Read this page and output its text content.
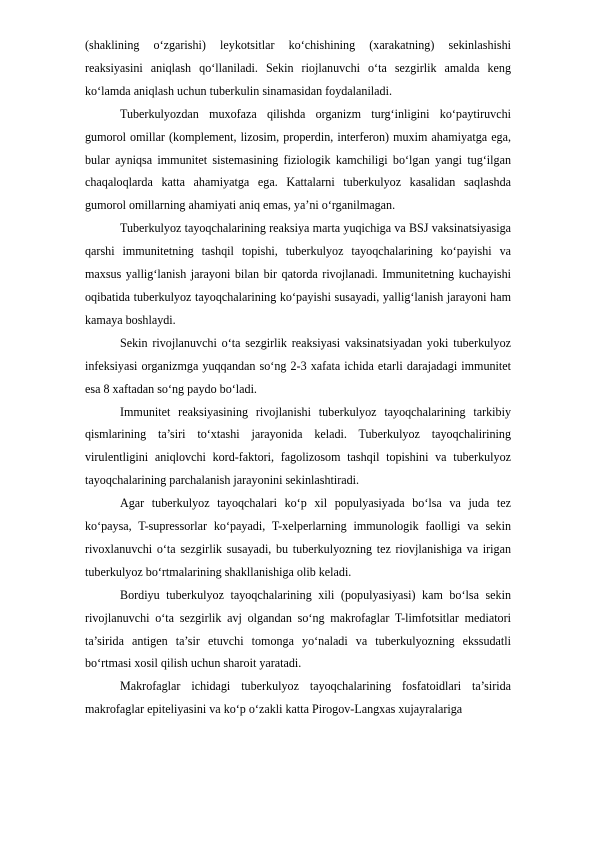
(shaklining o‘zgarishi) leykotsitlar ko‘chishining (xarakatning) sekinlashishi reaksiyasini aniqlash qo‘llaniladi. Sekin riojlanuvchi o‘ta sezgirlik amalda keng ko‘lamda aniqlash uchun tuberkulin sinamasidan foydalaniladi.

Tuberkulyozdan muxofaza qilishda organizm turg‘inligini ko‘paytiruvchi gumorol omillar (komplement, lizosim, properdin, interferon) muxim ahamiyatga ega, bular ayniqsa immunitet sistemasining fiziologik kamchiligi bo‘lgan yangi tug‘ilgan chaqaloqlarda katta ahamiyatga ega. Kattalarni tuberkulyoz kasalidan saqlashda gumorol omillarning ahamiyati aniq emas, ya’ni o‘rganilmagan.

Tuberkulyoz tayoqchalarining reaksiya marta yuqichiga va BSJ vaksinatsiyasiga qarshi immunitetning tashqil topishi, tuberkulyoz tayoqchalarining ko‘payishi va maxsus yallig‘lanish jarayoni bilan bir qatorda rivojlanadi. Immunitetning kuchayishi oqibatida tuberkulyoz tayoqchalarining ko‘payishi susayadi, yallig‘lanish jarayoni ham kamaya boshlaydi.

Sekin rivojlanuvchi o‘ta sezgirlik reaksiyasi vaksinatsiyadan yoki tuberkulyoz infeksiyasi organizmga yuqqandan so‘ng 2-3 xafata ichida etarli darajadagi immunitet esa 8 xaftadan so‘ng paydo bo‘ladi.

Immunitet reaksiyasining rivojlanishi tuberkulyoz tayoqchalarining tarkibiy qismlarining ta’siri to‘xtashi jarayonida keladi. Tuberkulyoz tayoqchalirining virulentligini aniqlovchi kord-faktori, fagolizosom tashqil topishini va tuberkulyoz tayoqchalarining parchalanish jarayonini sekinlashtiradi.

Agar tuberkulyoz tayoqchalari ko‘p xil populyasiyada bo‘lsa va juda tez ko‘paysa, T-supressorlar ko‘payadi, T-xelperlarning immunologik faolligi va sekin rivoxlanuvchi o‘ta sezgirlik susayadi, bu tuberkulyozning tez riovjlanishiga va irigan tuberkulyoz bo‘rtmalarining shakllanishiga olib keladi.

Bordiyu tuberkulyoz tayoqchalarining xili (populyasiyasi) kam bo‘lsa sekin rivojlanuvchi o‘ta sezgirlik avj olgandan so‘ng makrofaglar T-limfotsitlar mediatori ta’sirida antigen ta’sir etuvchi tomonga yo‘naladi va tuberkulyozning ekssudatli bo‘rtmasi xosil qilish uchun sharoit yaratadi.

Makrofaglar ichidagi tuberkulyoz tayoqchalarining fosfatoidlari ta’sirida makrofaglar epiteliyasini va ko‘p o‘zakli katta Pirogov-Langxas xujayralariga
